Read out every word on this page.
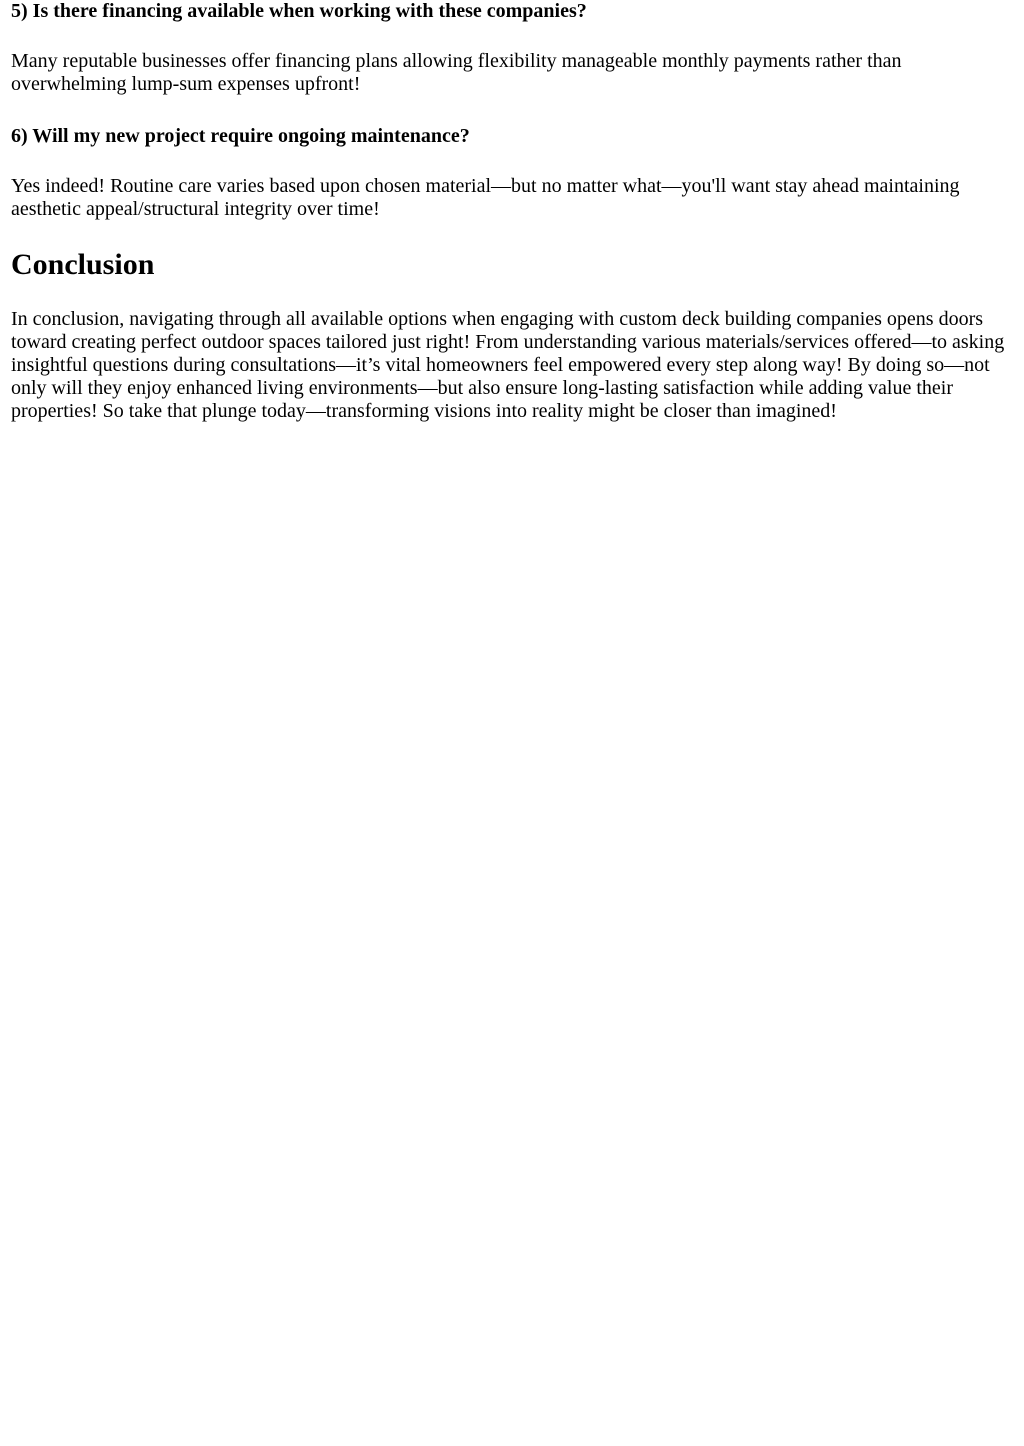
5) Is there financing available when working with these companies?

Many reputable businesses offer financing plans allowing flexibility manageable monthly payments rather than overwhelming lump-sum expenses upfront!

6) Will my new project require ongoing maintenance?

Yes indeed! Routine care varies based upon chosen material—but no matter what—you'll want stay ahead maintaining aesthetic appeal/structural integrity over time!

Conclusion

In conclusion, navigating through all available options when engaging with custom deck building companies opens doors toward creating perfect outdoor spaces tailored just right! From understanding various materials/services offered—to asking insightful questions during consultations—it’s vital homeowners feel empowered every step along way! By doing so—not only will they enjoy enhanced living environments—but also ensure long-lasting satisfaction while adding value their properties! So take that plunge today—transforming visions into reality might be closer than imagined!
